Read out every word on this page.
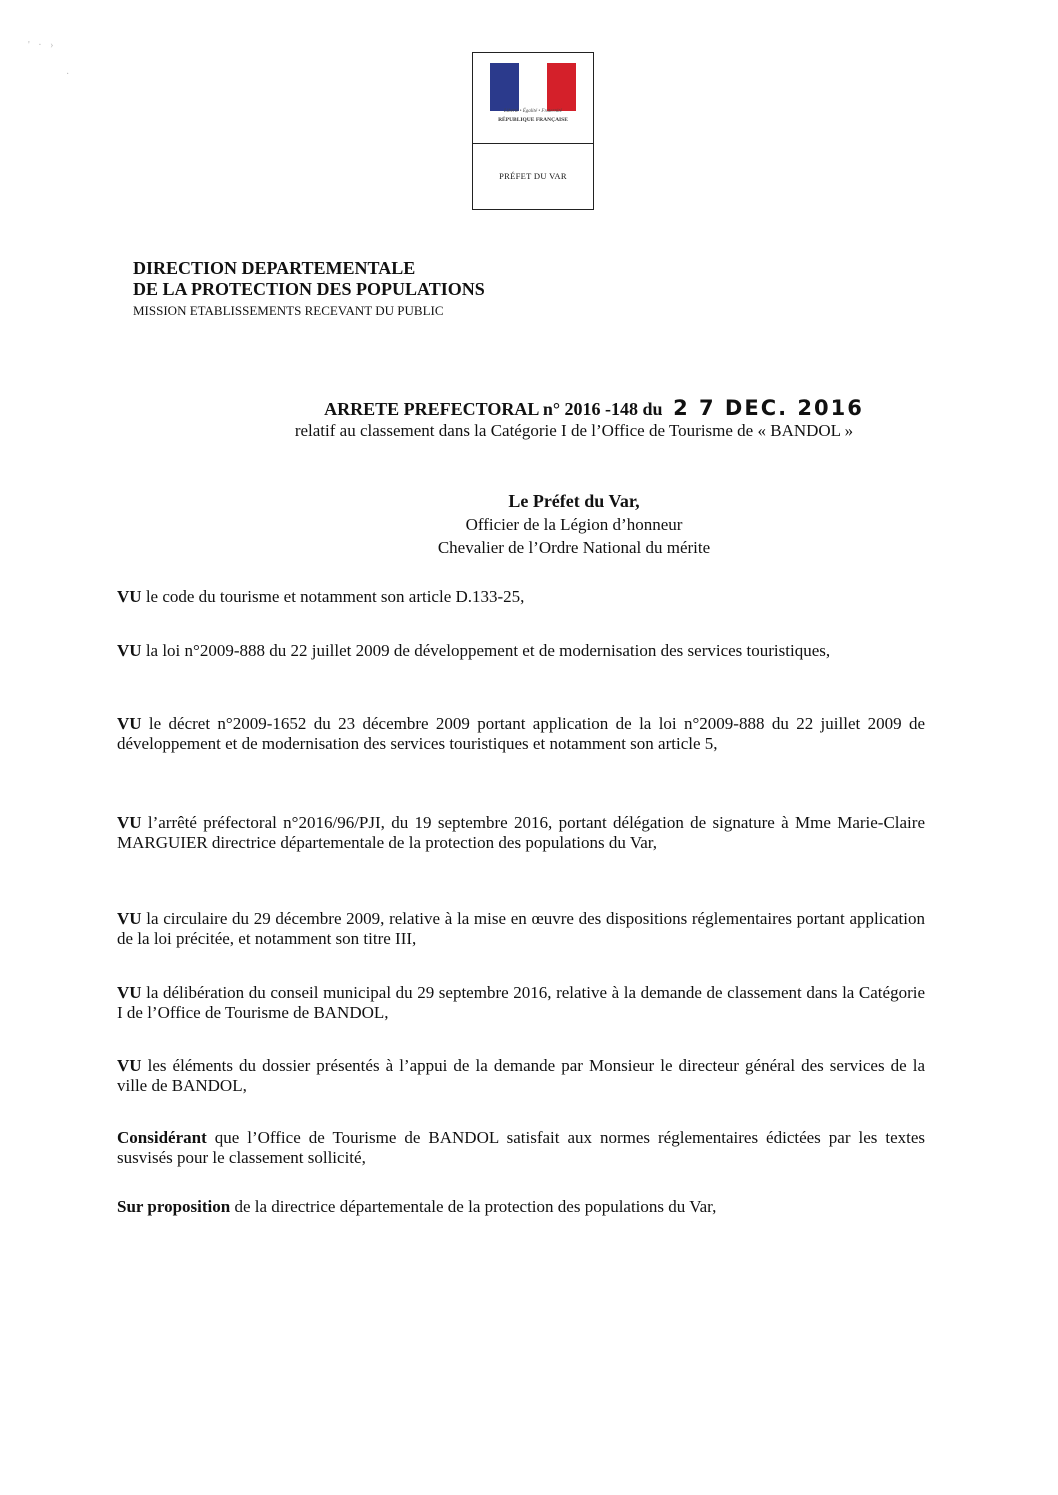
' · ›
·
Liberté • Égalité • Fraternité
RÉPUBLIQUE FRANÇAISE
PRÉFET DU VAR
DIRECTION DEPARTEMENTALE
DE LA PROTECTION DES POPULATIONS
MISSION ETABLISSEMENTS RECEVANT DU PUBLIC
ARRETE PREFECTORAL n° 2016 -148 du 2 7 DEC. 2016
relatif au classement dans la Catégorie I de l’Office de Tourisme de « BANDOL »
Le Préfet du Var,
Officier de la Légion d’honneur
Chevalier de l’Ordre National du mérite

VU le code du tourisme et notamment son article D.133-25,

VU la loi n°2009-888 du 22 juillet 2009 de développement et de modernisation des services touristiques,

VU le décret n°2009-1652 du 23 décembre 2009 portant application de la loi n°2009-888 du 22 juillet 2009 de développement et de modernisation des services touristiques et notamment son article 5,

VU l’arrêté préfectoral n°2016/96/PJI, du 19 septembre 2016, portant délégation de signature à Mme Marie-Claire MARGUIER directrice départementale de la protection des populations du Var,

VU la circulaire du 29 décembre 2009, relative à la mise en œuvre des dispositions réglementaires portant application de la loi précitée, et notamment son titre III,

VU la délibération du conseil municipal du 29 septembre 2016, relative à la demande de classement dans la Catégorie I de l’Office de Tourisme de BANDOL,

VU les éléments du dossier présentés à l’appui de la demande par Monsieur le directeur général des services de la ville de BANDOL,

Considérant que l’Office de Tourisme de BANDOL satisfait aux normes réglementaires édictées par les textes susvisés pour le classement sollicité,

Sur proposition de la directrice départementale de la protection des populations du Var,
